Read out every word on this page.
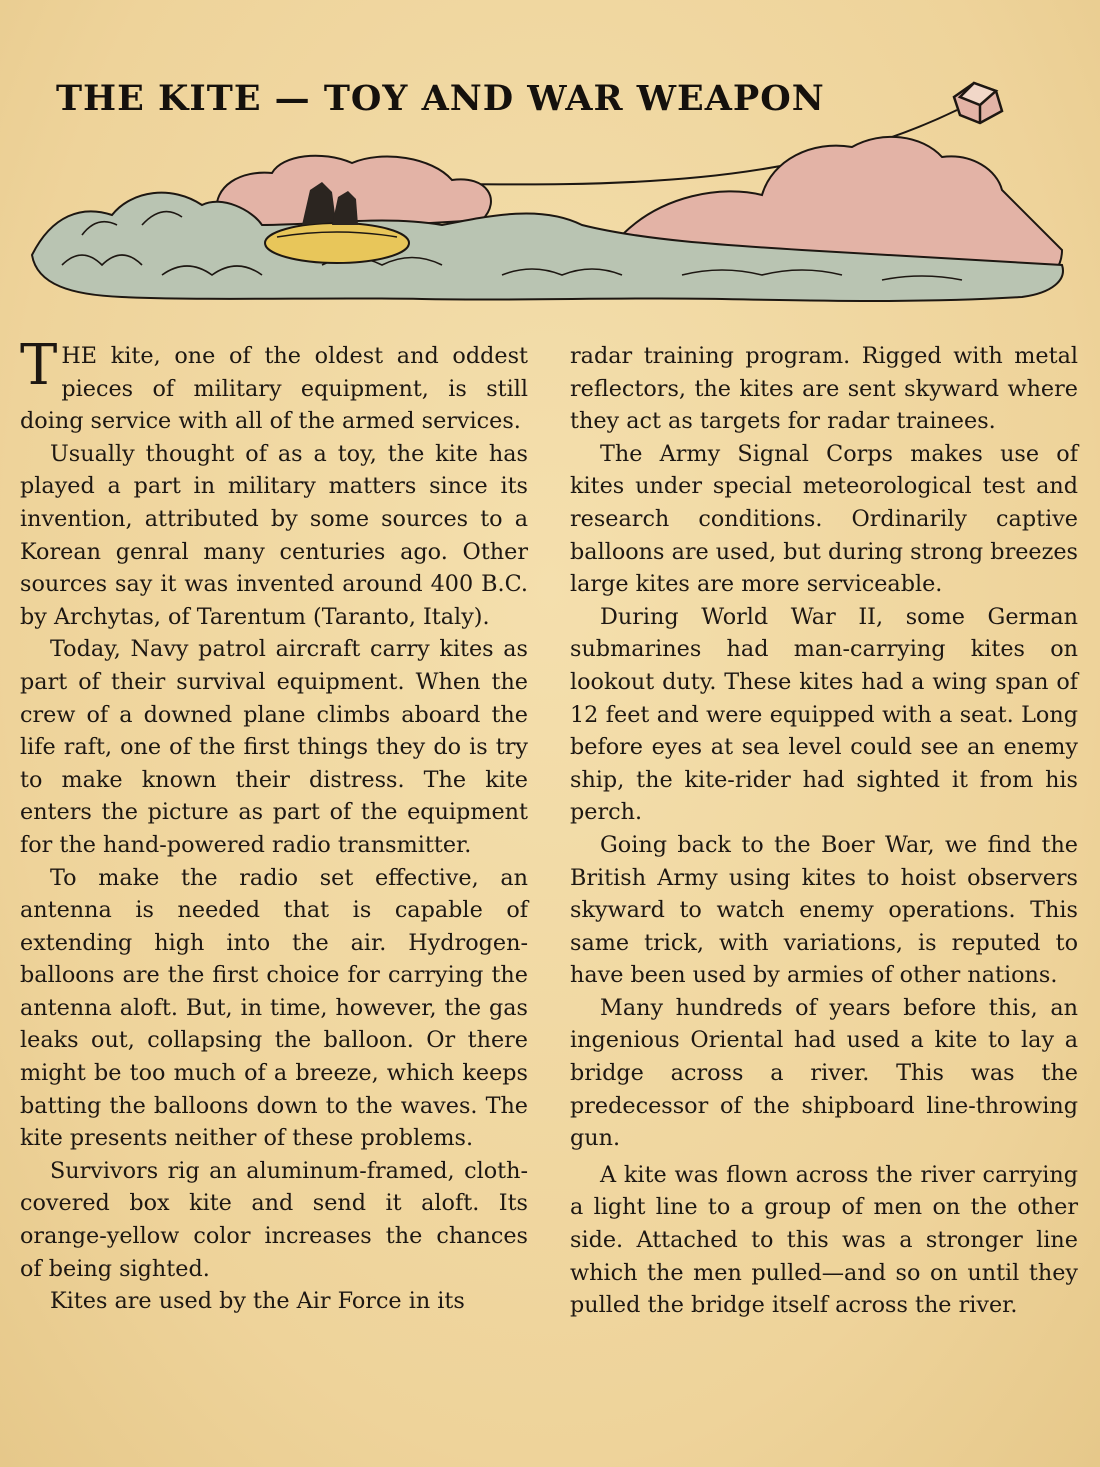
THE KITE — TOY AND WAR WEAPON

THE kite, one of the oldest and oddest pieces of military equipment, is still doing service with all of the armed services.

Usually thought of as a toy, the kite has played a part in military matters since its invention, attributed by some sources to a Korean genral many centuries ago. Other sources say it was invented around 400 B.C. by Archytas, of Tarentum (Taranto, Italy).

Today, Navy patrol aircraft carry kites as part of their survival equipment. When the crew of a downed plane climbs aboard the life raft, one of the first things they do is try to make known their distress. The kite enters the picture as part of the equipment for the hand-powered radio transmitter.

To make the radio set effective, an antenna is needed that is capable of extending high into the air. Hydrogen-balloons are the first choice for carrying the antenna aloft. But, in time, however, the gas leaks out, collapsing the balloon. Or there might be too much of a breeze, which keeps batting the balloons down to the waves. The kite presents neither of these problems.

Survivors rig an aluminum-framed, cloth-covered box kite and send it aloft. Its orange-yellow color increases the chances of being sighted.

Kites are used by the Air Force in its

radar training program. Rigged with metal reflectors, the kites are sent skyward where they act as targets for radar trainees.

The Army Signal Corps makes use of kites under special meteorological test and research conditions. Ordinarily captive balloons are used, but during strong breezes large kites are more serviceable.

During World War II, some German submarines had man-carrying kites on lookout duty. These kites had a wing span of 12 feet and were equipped with a seat. Long before eyes at sea level could see an enemy ship, the kite-rider had sighted it from his perch.

Going back to the Boer War, we find the British Army using kites to hoist observers skyward to watch enemy operations. This same trick, with variations, is reputed to have been used by armies of other nations.

Many hundreds of years before this, an ingenious Oriental had used a kite to lay a bridge across a river. This was the predecessor of the shipboard line-throwing gun.

A kite was flown across the river carrying a light line to a group of men on the other side. Attached to this was a stronger line which the men pulled—and so on until they pulled the bridge itself across the river.
